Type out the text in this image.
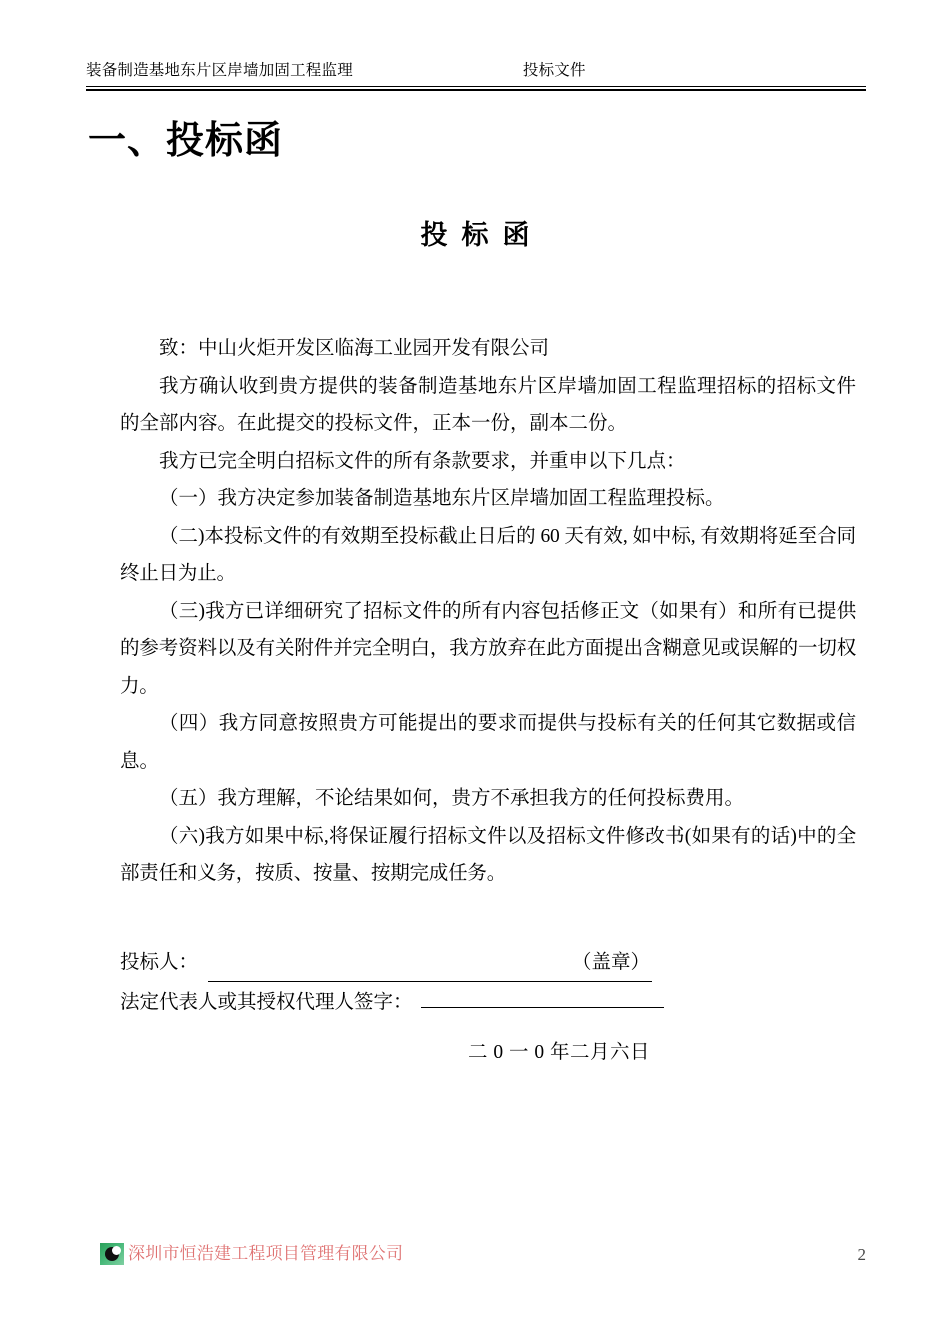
装备制造基地东片区岸墙加固工程监理	投标文件
一、投标函
投标函

致：中山火炬开发区临海工业园开发有限公司

我方确认收到贵方提供的装备制造基地东片区岸墙加固工程监理招标的招标文件的全部内容。在此提交的投标文件，正本一份，副本二份。

我方已完全明白招标文件的所有条款要求，并重申以下几点：

（一）我方决定参加装备制造基地东片区岸墙加固工程监理投标。

（二)本投标文件的有效期至投标截止日后的 60 天有效, 如中标, 有效期将延至合同终止日为止。

（三)我方已详细研究了招标文件的所有内容包括修正文（如果有）和所有已提供的参考资料以及有关附件并完全明白，我方放弃在此方面提出含糊意见或误解的一切权力。

（四）我方同意按照贵方可能提出的要求而提供与投标有关的任何其它数据或信息。

（五）我方理解，不论结果如何，贵方不承担我方的任何投标费用。

（六)我方如果中标,将保证履行招标文件以及招标文件修改书(如果有的话)中的全部责任和义务，按质、按量、按期完成任务。

投标人：	（盖章）
法定代表人或其授权代理人签字：
二 0 一 0 年二月六日
深圳市恒浩建工程项目管理有限公司	2
